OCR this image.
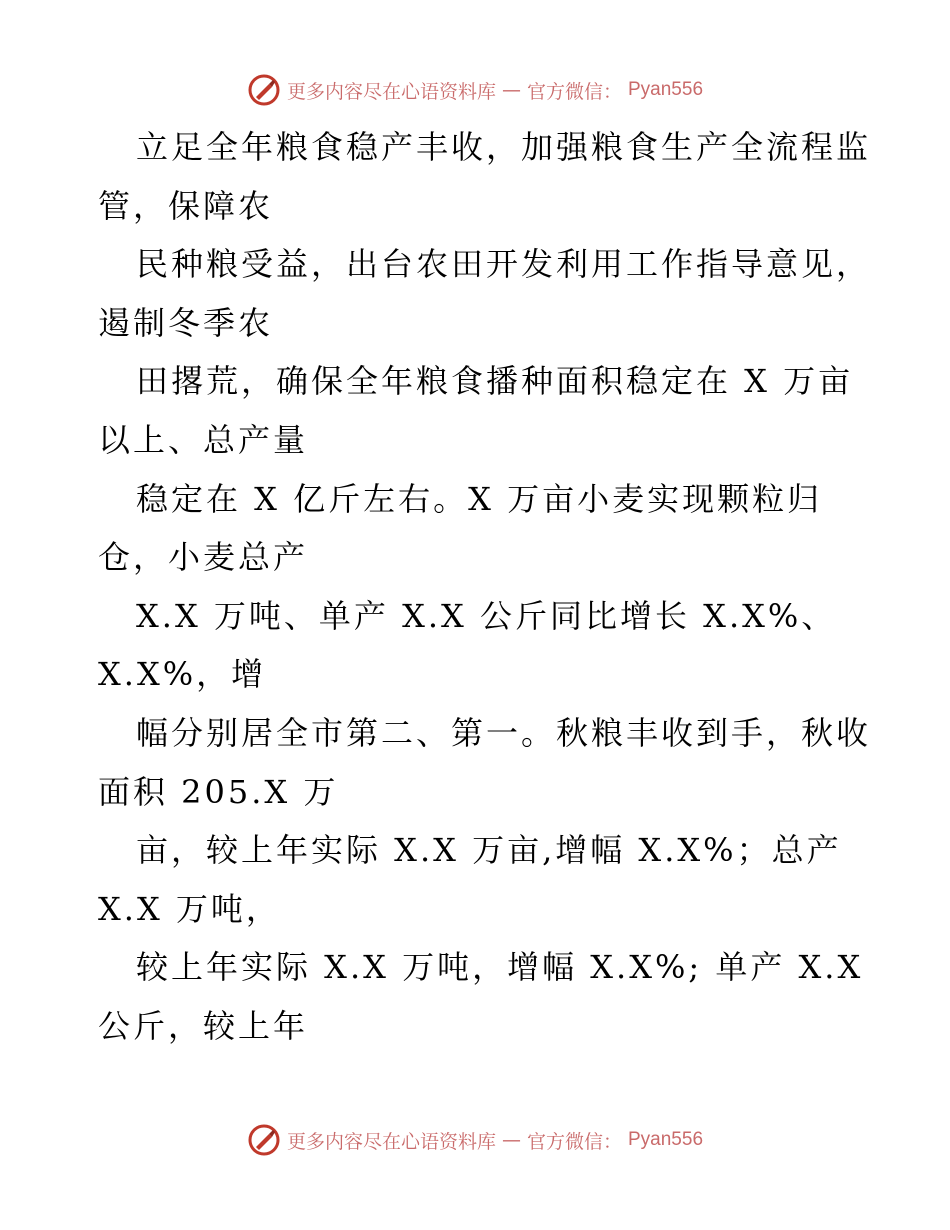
更多内容尽在心语资料库 — 官方微信： Pyan556
立足全年粮食稳产丰收，加强粮食生产全流程监
管，保障农
民种粮受益，出台农田开发利用工作指导意见，
遏制冬季农
田撂荒，确保全年粮食播种面积稳定在 X 万亩
以上、总产量
稳定在 X 亿斤左右。X 万亩小麦实现颗粒归
仓，小麦总产
X.X 万吨、单产 X.X 公斤同比增长 X.X%、
X.X%，增
幅分别居全市第二、第一。秋粮丰收到手，秋收
面积 205.X 万
亩，较上年实际 X.X 万亩,增幅 X.X%；总产
X.X 万吨，
较上年实际 X.X 万吨，增幅 X.X%; 单产 X.X
公斤，较上年
更多内容尽在心语资料库 — 官方微信： Pyan556
